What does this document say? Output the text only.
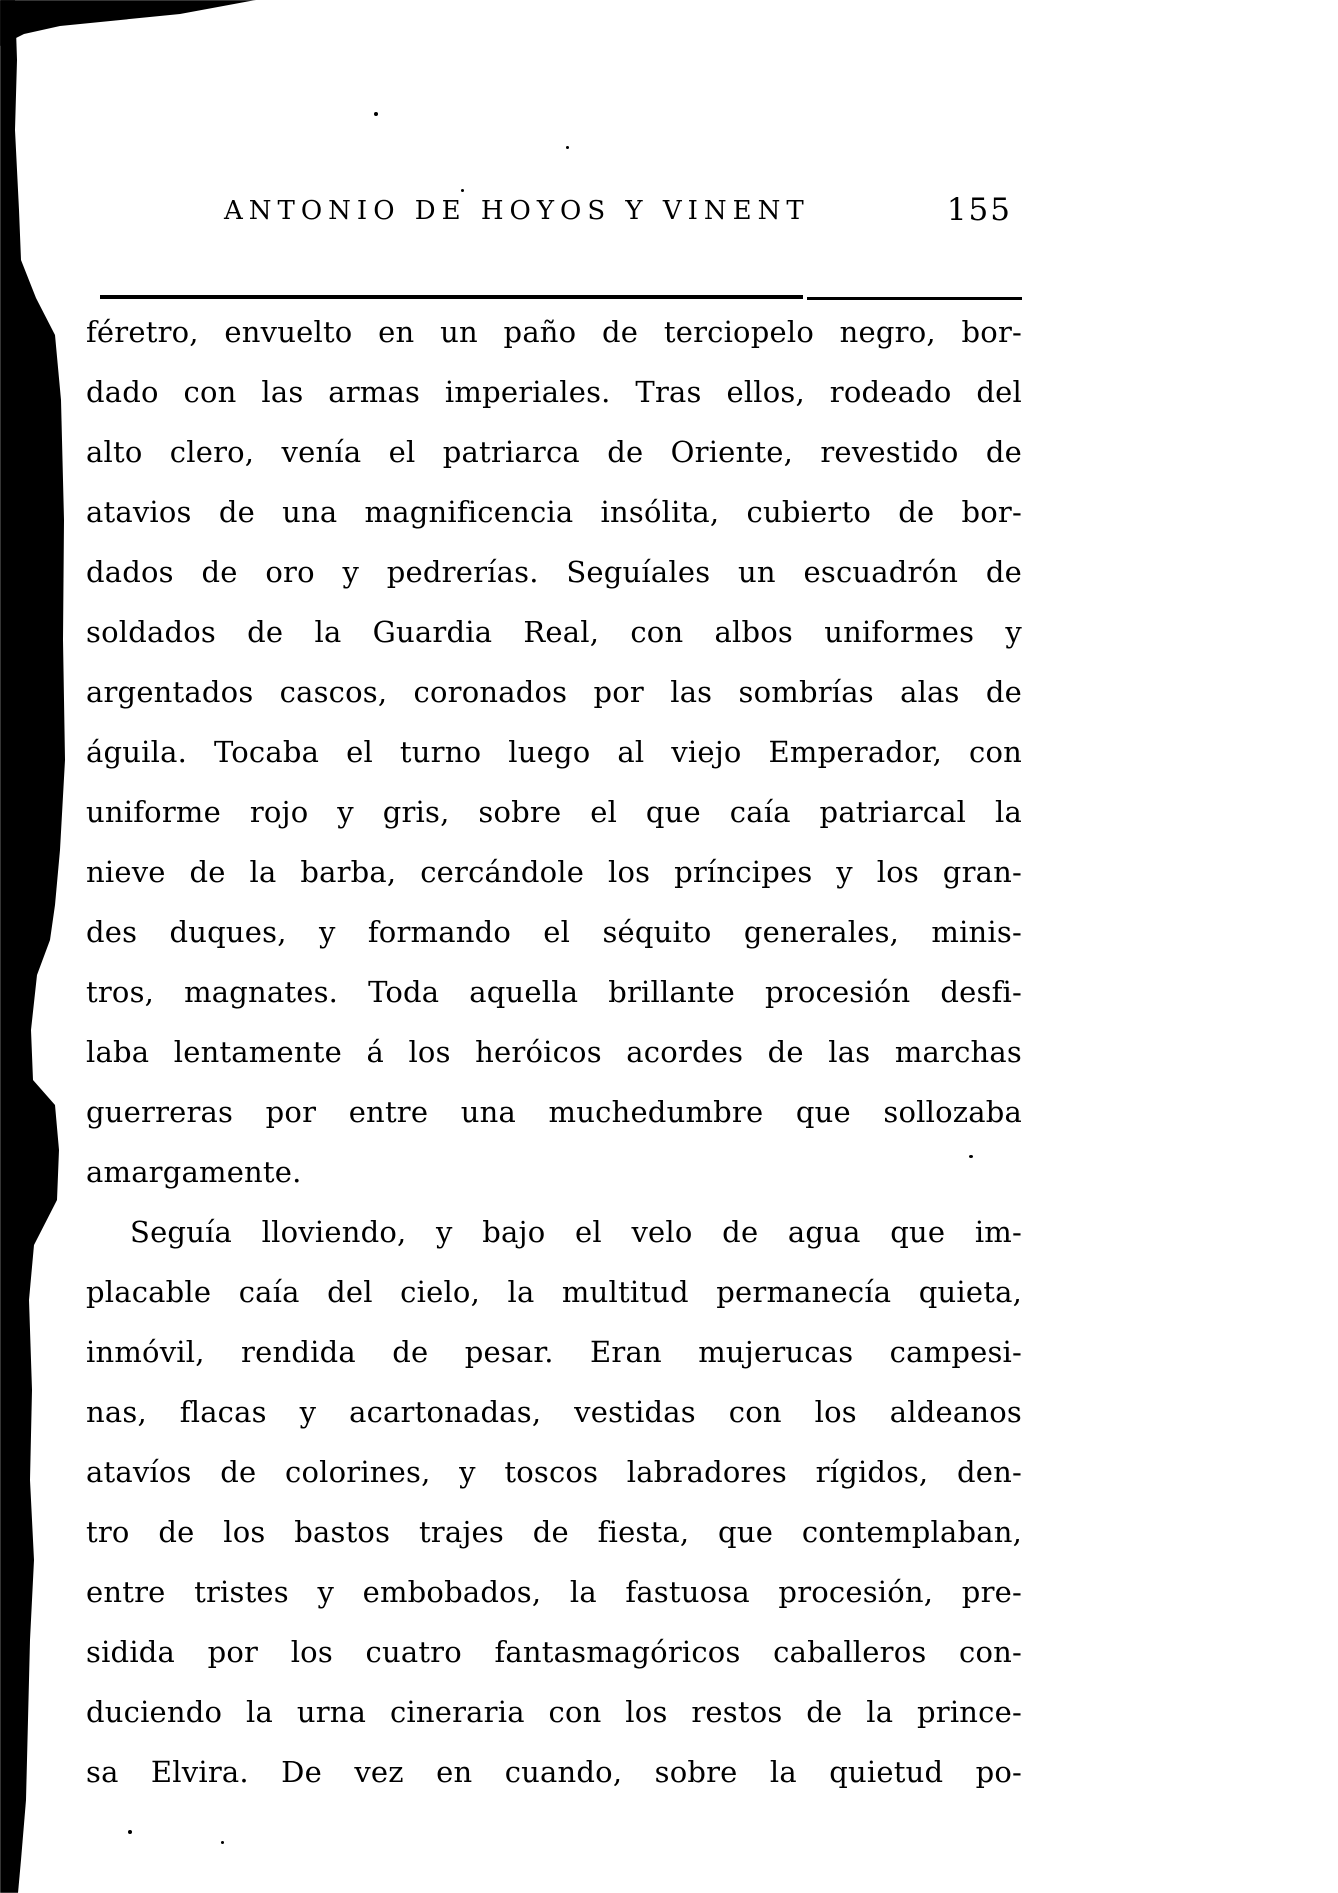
ANTONIO DE HOYOS Y VINENT	155
féretro, envuelto en un paño de terciopelo negro, bor-
dado con las armas imperiales. Tras ellos, rodeado del
alto clero, venía el patriarca de Oriente, revestido de
atavios de una magnificencia insólita, cubierto de bor-
dados de oro y pedrerías. Seguíales un escuadrón de
soldados de la Guardia Real, con albos uniformes y
argentados cascos, coronados por las sombrías alas de
águila. Tocaba el turno luego al viejo Emperador, con
uniforme rojo y gris, sobre el que caía patriarcal la
nieve de la barba, cercándole los príncipes y los gran-
des duques, y formando el séquito generales, minis-
tros, magnates. Toda aquella brillante procesión desfi-
laba lentamente á los heróicos acordes de las marchas
guerreras por entre una muchedumbre que sollozaba
amargamente.
Seguía lloviendo, y bajo el velo de agua que im-
placable caía del cielo, la multitud permanecía quieta,
inmóvil, rendida de pesar. Eran mujerucas campesi-
nas, flacas y acartonadas, vestidas con los aldeanos
atavíos de colorines, y toscos labradores rígidos, den-
tro de los bastos trajes de fiesta, que contemplaban,
entre tristes y embobados, la fastuosa procesión, pre-
sidida por los cuatro fantasmagóricos caballeros con-
duciendo la urna cineraria con los restos de la prince-
sa Elvira. De vez en cuando, sobre la quietud po-
